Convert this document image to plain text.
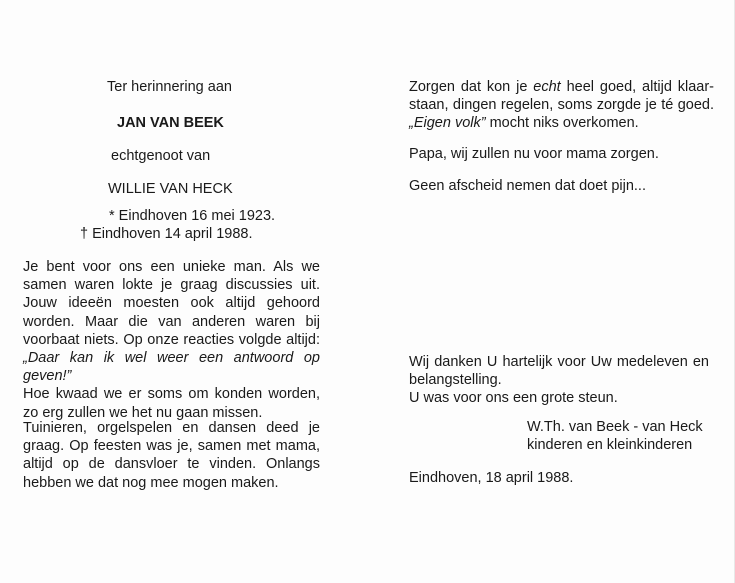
Ter herinnering aan
JAN VAN BEEK
echtgenoot van
WILLIE VAN HECK
* Eindhoven 16 mei 1923.
† Eindhoven 14 april 1988.
Je bent voor ons een unieke man. Als we samen waren lokte je graag discussies uit. Jouw ideeën moesten ook altijd gehoord worden. Maar die van anderen waren bij voorbaat niets. Op onze reacties volgde altijd: „Daar kan ik wel weer een antwoord op geven!”
Hoe kwaad we er soms om konden worden, zo erg zullen we het nu gaan missen.
Tuinieren, orgelspelen en dansen deed je graag. Op feesten was je, samen met mama, altijd op de dansvloer te vinden. Onlangs hebben we dat nog mee mogen maken.
Zorgen dat kon je echt heel goed, altijd klaar-staan, dingen regelen, soms zorgde je té goed. „Eigen volk” mocht niks overkomen.
Papa, wij zullen nu voor mama zorgen.
Geen afscheid nemen dat doet pijn...
Wij danken U hartelijk voor Uw medeleven en belangstelling.
U was voor ons een grote steun.
W.Th. van Beek - van Heck
kinderen en kleinkinderen
Eindhoven, 18 april 1988.
